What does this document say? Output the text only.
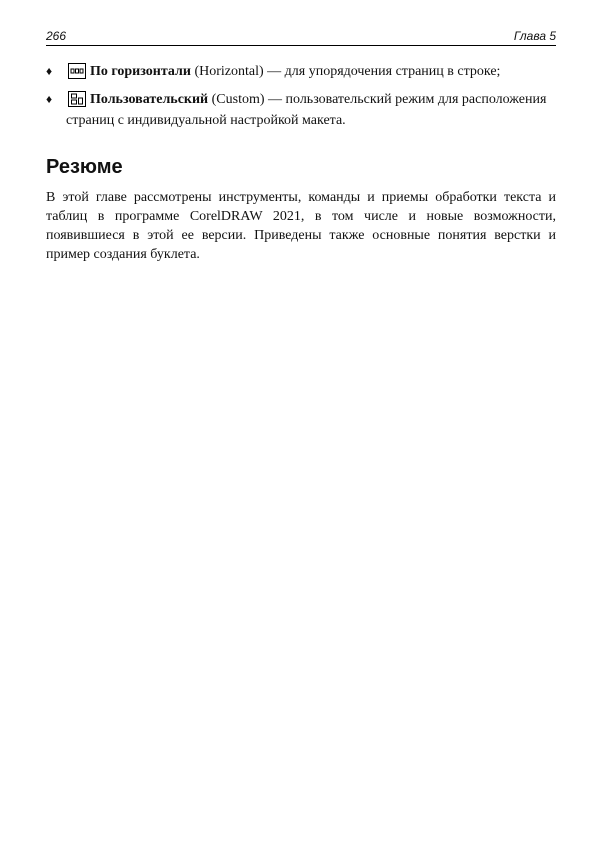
266	Глава 5
♦	По горизонтали (Horizontal) — для упорядочения страниц в строке;
♦	Пользовательский (Custom) — пользовательский режим для расположения страниц с индивидуальной настройкой макета.
Резюме

В этой главе рассмотрены инструменты, команды и приемы обработки текста и таблиц в программе CorelDRAW 2021, в том числе и новые возможности, появившиеся в этой ее версии. Приведены также основные понятия верстки и пример создания буклета.
